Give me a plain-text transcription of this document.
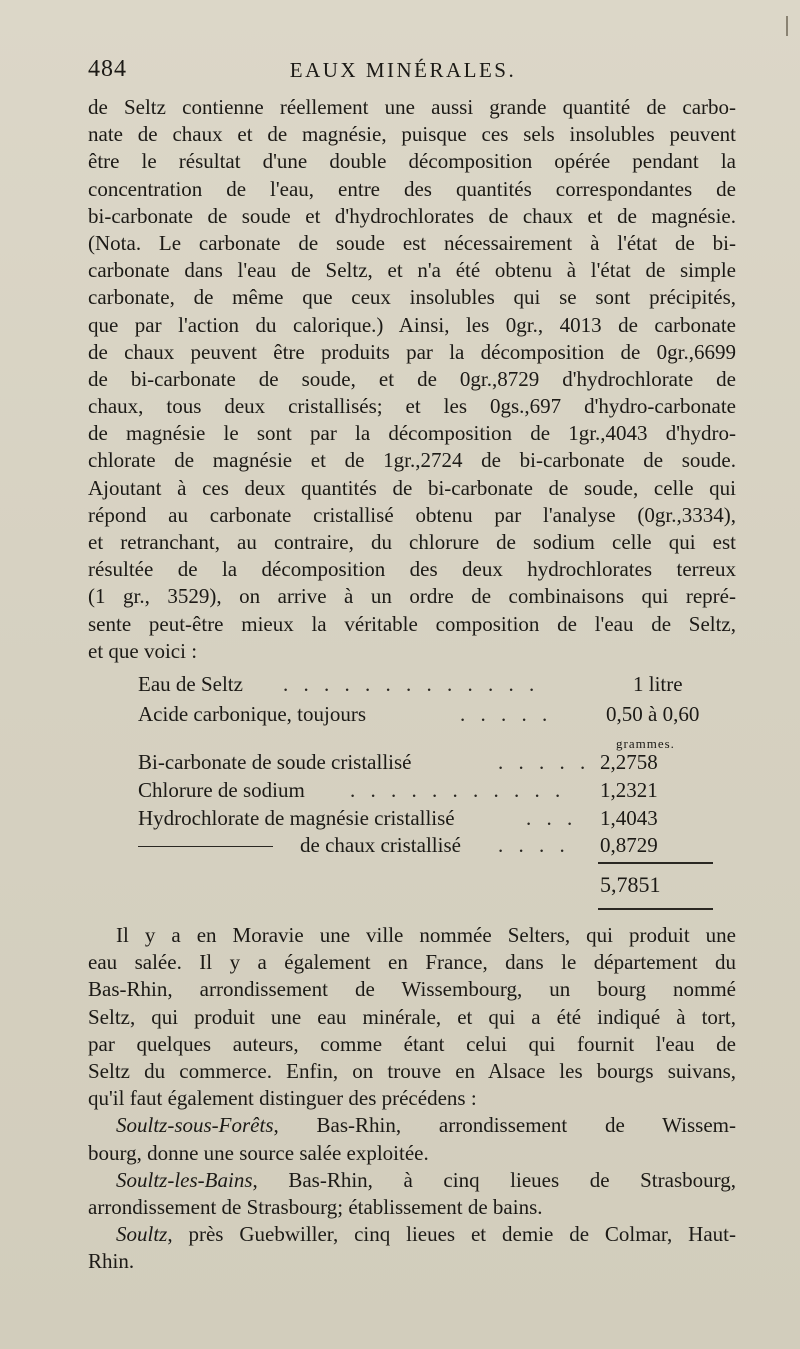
484	EAUX MINÉRALES.
de Seltz contienne réellement une aussi grande quantité de carbo-
nate de chaux et de magnésie, puisque ces sels insolubles peuvent
être le résultat d'une double décomposition opérée pendant la
concentration de l'eau, entre des quantités correspondantes de
bi-carbonate de soude et d'hydrochlorates de chaux et de magnésie.
(Nota. Le carbonate de soude est nécessairement à l'état de bi-
carbonate dans l'eau de Seltz, et n'a été obtenu à l'état de simple
carbonate, de même que ceux insolubles qui se sont précipités,
que par l'action du calorique.) Ainsi, les 0gr., 4013 de carbonate
de chaux peuvent être produits par la décomposition de 0gr.,6699
de bi-carbonate de soude, et de 0gr.,8729 d'hydrochlorate de
chaux, tous deux cristallisés; et les 0gs.,697 d'hydro-carbonate
de magnésie le sont par la décomposition de 1gr.,4043 d'hydro-
chlorate de magnésie et de 1gr.,2724 de bi-carbonate de soude.
Ajoutant à ces deux quantités de bi-carbonate de soude, celle qui
répond au carbonate cristallisé obtenu par l'analyse (0gr.,3334),
et retranchant, au contraire, du chlorure de sodium celle qui est
résultée de la décomposition des deux hydrochlorates terreux
(1 gr., 3529), on arrive à un ordre de combinaisons qui repré-
sente peut-être mieux la véritable composition de l'eau de Seltz,
et que voici :
Eau de Seltz . . . . . . . . . . . . .	1 litre
Acide carbonique, toujours	. . . . .	0,50 à 0,60
grammes.
Bi-carbonate de soude cristallisé	. . . . . 2,2758
Chlorure de sodium . . . . . . . . . . . 1,2321
Hydrochlorate de magnésie cristallisé	. . . 1,4043
de chaux cristallisé . . . . 0,8729
5,7851
Il y a en Moravie une ville nommée Selters, qui produit une
eau salée. Il y a également en France, dans le département du
Bas-Rhin, arrondissement de Wissembourg, un bourg nommé
Seltz, qui produit une eau minérale, et qui a été indiqué à tort,
par quelques auteurs, comme étant celui qui fournit l'eau de
Seltz du commerce. Enfin, on trouve en Alsace les bourgs suivans,
qu'il faut également distinguer des précédens :
Soultz-sous-Forêts, Bas-Rhin, arrondissement de Wissem-
bourg, donne une source salée exploitée.
Soultz-les-Bains, Bas-Rhin, à cinq lieues de Strasbourg,
arrondissement de Strasbourg; établissement de bains.
Soultz, près Guebwiller, cinq lieues et demie de Colmar, Haut-
Rhin.
